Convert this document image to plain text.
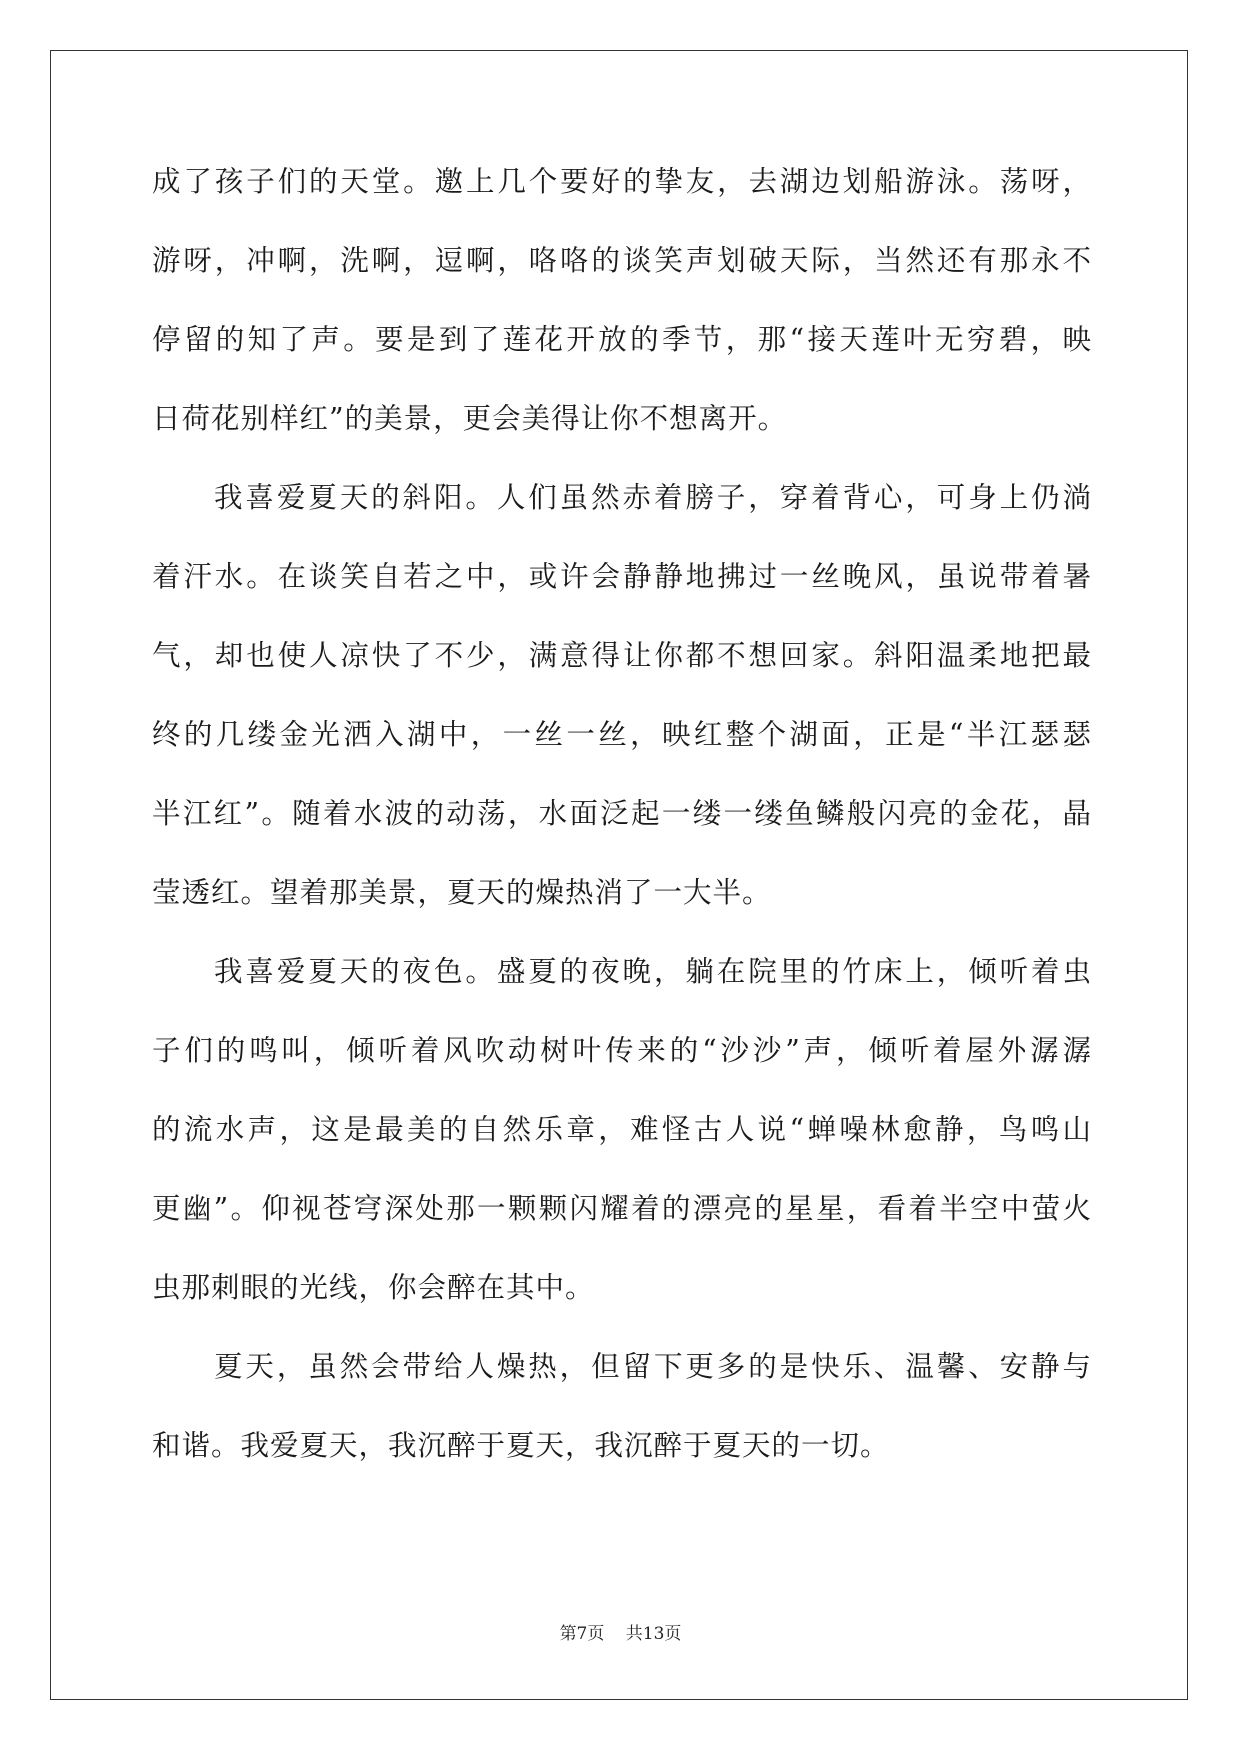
成了孩子们的天堂。邀上几个要好的挚友，去湖边划船游泳。荡呀，
游呀，冲啊，洗啊，逗啊，咯咯的谈笑声划破天际，当然还有那永不
停留的知了声。要是到了莲花开放的季节，那“接天莲叶无穷碧，映
日荷花别样红”的美景，更会美得让你不想离开。
我喜爱夏天的斜阳。人们虽然赤着膀子，穿着背心，可身上仍淌
着汗水。在谈笑自若之中，或许会静静地拂过一丝晚风，虽说带着暑
气，却也使人凉快了不少，满意得让你都不想回家。斜阳温柔地把最
终的几缕金光洒入湖中，一丝一丝，映红整个湖面，正是“半江瑟瑟
半江红”。随着水波的动荡，水面泛起一缕一缕鱼鳞般闪亮的金花，晶
莹透红。望着那美景，夏天的燥热消了一大半。
我喜爱夏天的夜色。盛夏的夜晚，躺在院里的竹床上，倾听着虫
子们的鸣叫，倾听着风吹动树叶传来的“沙沙”声，倾听着屋外潺潺
的流水声，这是最美的自然乐章，难怪古人说“蝉噪林愈静，鸟鸣山
更幽”。仰视苍穹深处那一颗颗闪耀着的漂亮的星星，看着半空中萤火
虫那刺眼的光线，你会醉在其中。
夏天，虽然会带给人燥热，但留下更多的是快乐、温馨、安静与
和谐。我爱夏天，我沉醉于夏天，我沉醉于夏天的一切。
第7页 共13页
